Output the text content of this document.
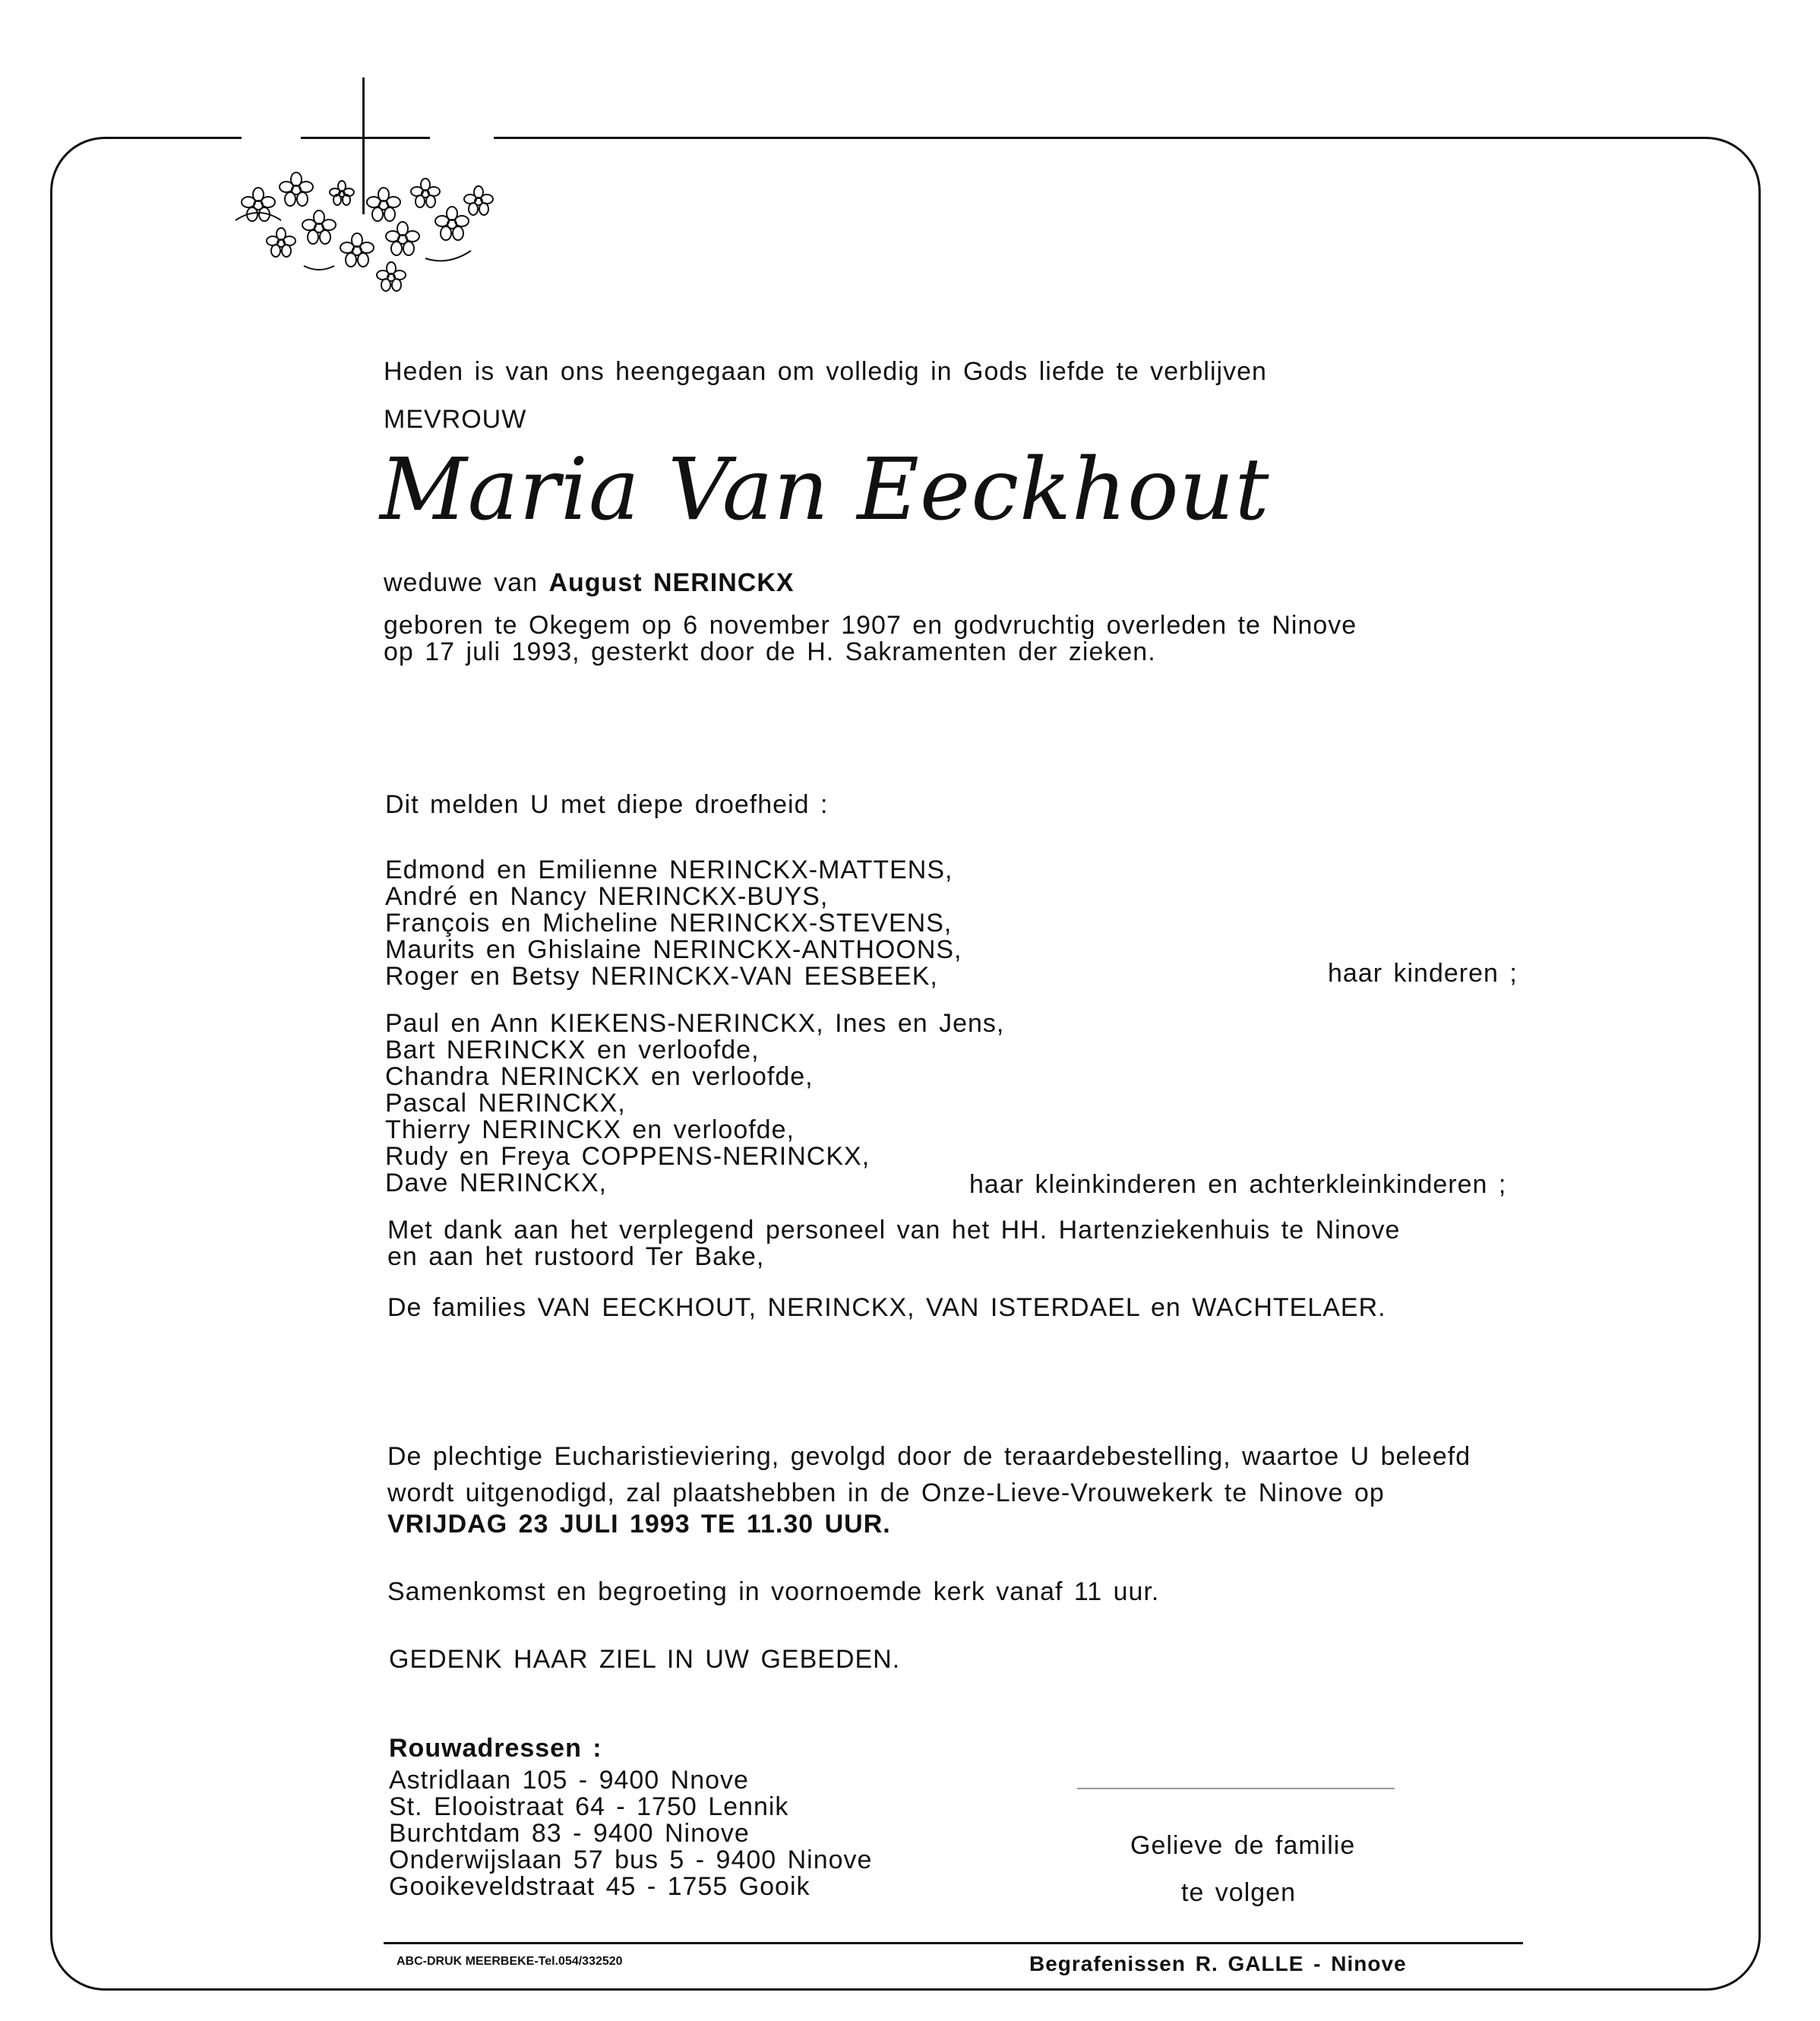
Heden is van ons heengegaan om volledig in Gods liefde te verblijven
MEVROUW
Maria Van Eeckhout
weduwe van August NERINCKX
geboren te Okegem op 6 november 1907 en godvruchtig overleden te Ninove
op 17 juli 1993, gesterkt door de H. Sakramenten der zieken.
Dit melden U met diepe droefheid :
Edmond en Emilienne NERINCKX-MATTENS,
André en Nancy NERINCKX-BUYS,
François en Micheline NERINCKX-STEVENS,
Maurits en Ghislaine NERINCKX-ANTHOONS,
Roger en Betsy NERINCKX-VAN EESBEEK,	haar kinderen ;
Paul en Ann KIEKENS-NERINCKX, Ines en Jens,
Bart NERINCKX en verloofde,
Chandra NERINCKX en verloofde,
Pascal NERINCKX,
Thierry NERINCKX en verloofde,
Rudy en Freya COPPENS-NERINCKX,
Dave NERINCKX,	haar kleinkinderen en achterkleinkinderen ;
Met dank aan het verplegend personeel van het HH. Hartenziekenhuis te Ninove
en aan het rustoord Ter Bake,
De families VAN EECKHOUT, NERINCKX, VAN ISTERDAEL en WACHTELAER.
De plechtige Eucharistieviering, gevolgd door de teraardebestelling, waartoe U beleefd
wordt uitgenodigd, zal plaatshebben in de Onze-Lieve-Vrouwekerk te Ninove op
VRIJDAG 23 JULI 1993 TE 11.30 UUR.
Samenkomst en begroeting in voornoemde kerk vanaf 11 uur.
GEDENK HAAR ZIEL IN UW GEBEDEN.
Rouwadressen :
Astridlaan 105 - 9400 Nnove
St. Elooistraat 64 - 1750 Lennik
Burchtdam 83 - 9400 Ninove
Onderwijslaan 57 bus 5 - 9400 Ninove
Gooikeveldstraat 45 - 1755 Gooik
Gelieve de familie
te volgen
ABC-DRUK MEERBEKE-Tel.054/332520	Begrafenissen R. GALLE - Ninove
